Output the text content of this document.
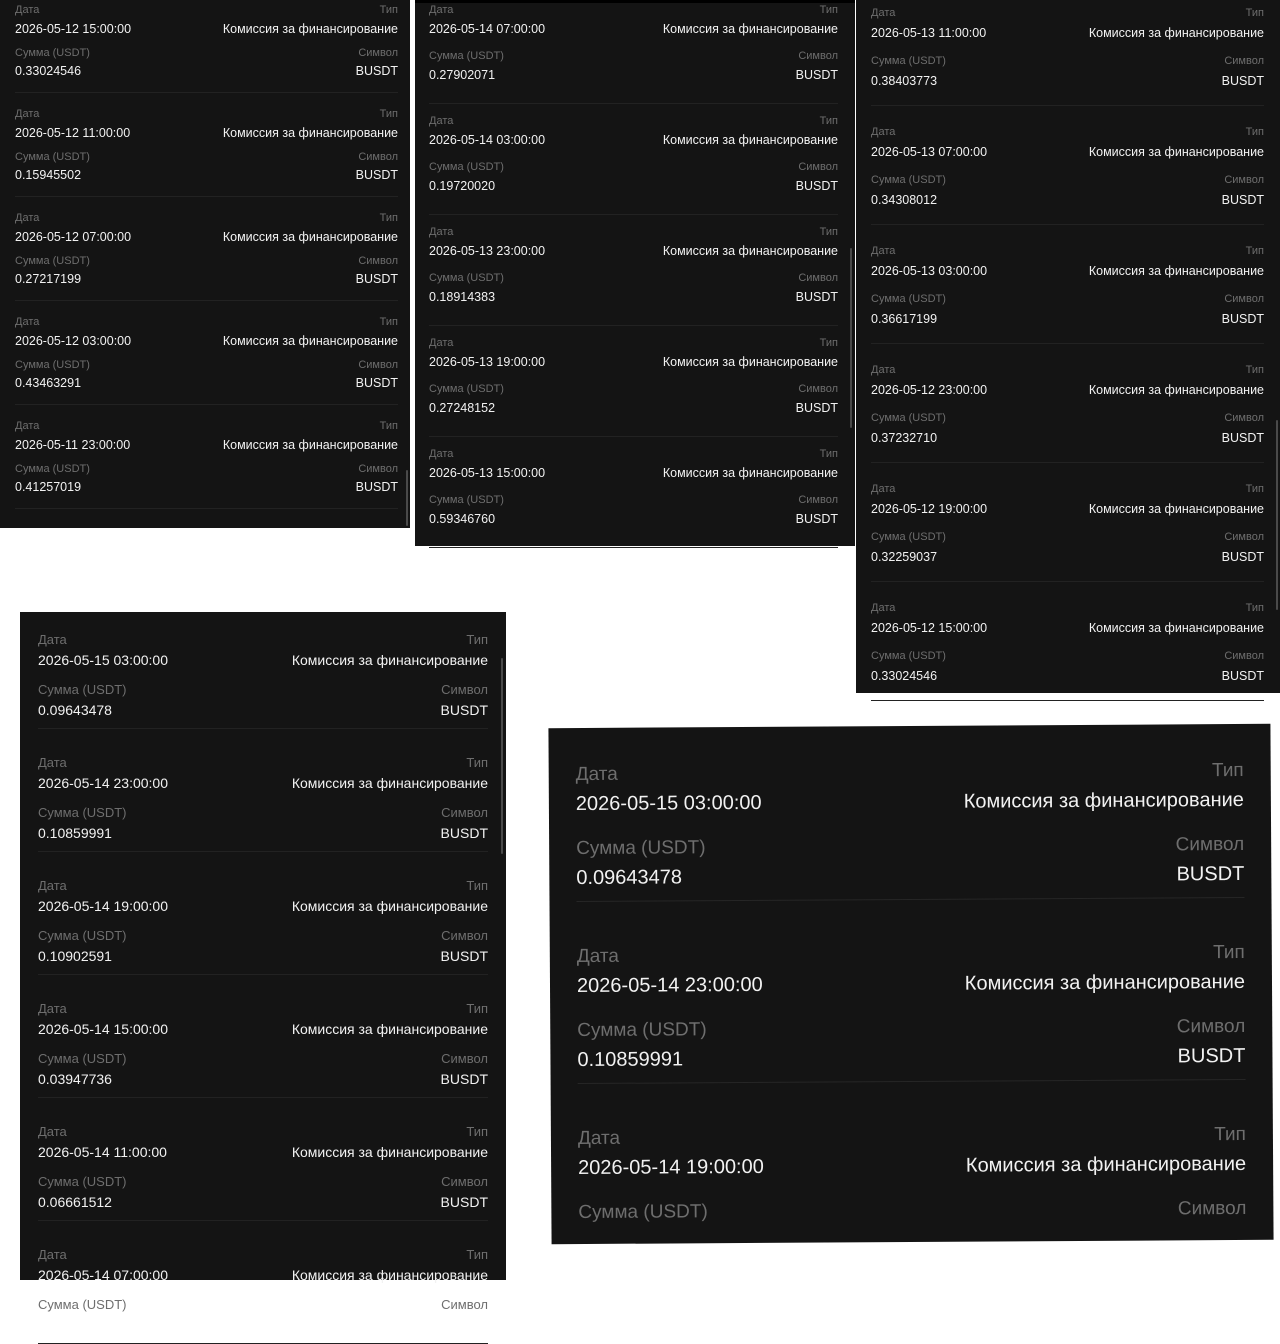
Дата	Тип
2026-05-12 15:00:00	Комиссия за финансирование
Сумма (USDT)	Символ
0.33024546	BUSDT
Дата	Тип
2026-05-12 11:00:00	Комиссия за финансирование
Сумма (USDT)	Символ
0.15945502	BUSDT
Дата	Тип
2026-05-12 07:00:00	Комиссия за финансирование
Сумма (USDT)	Символ
0.27217199	BUSDT
Дата	Тип
2026-05-12 03:00:00	Комиссия за финансирование
Сумма (USDT)	Символ
0.43463291	BUSDT
Дата	Тип
2026-05-11 23:00:00	Комиссия за финансирование
Сумма (USDT)	Символ
0.41257019	BUSDT
Дата	Тип
2026-05-14 07:00:00	Комиссия за финансирование
Сумма (USDT)	Символ
0.27902071	BUSDT
Дата	Тип
2026-05-14 03:00:00	Комиссия за финансирование
Сумма (USDT)	Символ
0.19720020	BUSDT
Дата	Тип
2026-05-13 23:00:00	Комиссия за финансирование
Сумма (USDT)	Символ
0.18914383	BUSDT
Дата	Тип
2026-05-13 19:00:00	Комиссия за финансирование
Сумма (USDT)	Символ
0.27248152	BUSDT
Дата	Тип
2026-05-13 15:00:00	Комиссия за финансирование
Сумма (USDT)	Символ
0.59346760	BUSDT
Дата	Тип
2026-05-13 11:00:00	Комиссия за финансирование
Сумма (USDT)	Символ
0.38403773	BUSDT
Дата	Тип
2026-05-13 07:00:00	Комиссия за финансирование
Сумма (USDT)	Символ
0.34308012	BUSDT
Дата	Тип
2026-05-13 03:00:00	Комиссия за финансирование
Сумма (USDT)	Символ
0.36617199	BUSDT
Дата	Тип
2026-05-12 23:00:00	Комиссия за финансирование
Сумма (USDT)	Символ
0.37232710	BUSDT
Дата	Тип
2026-05-12 19:00:00	Комиссия за финансирование
Сумма (USDT)	Символ
0.32259037	BUSDT
Дата	Тип
2026-05-12 15:00:00	Комиссия за финансирование
Сумма (USDT)	Символ
0.33024546	BUSDT
Дата	Тип
2026-05-15 03:00:00	Комиссия за финансирование
Сумма (USDT)	Символ
0.09643478	BUSDT
Дата	Тип
2026-05-14 23:00:00	Комиссия за финансирование
Сумма (USDT)	Символ
0.10859991	BUSDT
Дата	Тип
2026-05-14 19:00:00	Комиссия за финансирование
Сумма (USDT)	Символ
0.10902591	BUSDT
Дата	Тип
2026-05-14 15:00:00	Комиссия за финансирование
Сумма (USDT)	Символ
0.03947736	BUSDT
Дата	Тип
2026-05-14 11:00:00	Комиссия за финансирование
Сумма (USDT)	Символ
0.06661512	BUSDT
Дата	Тип
2026-05-14 07:00:00	Комиссия за финансирование
Сумма (USDT)	Символ
Дата	Тип
2026-05-15 03:00:00	Комиссия за финансирование
Сумма (USDT)	Символ
0.09643478	BUSDT
Дата	Тип
2026-05-14 23:00:00	Комиссия за финансирование
Сумма (USDT)	Символ
0.10859991	BUSDT
Дата	Тип
2026-05-14 19:00:00	Комиссия за финансирование
Сумма (USDT)	Символ
